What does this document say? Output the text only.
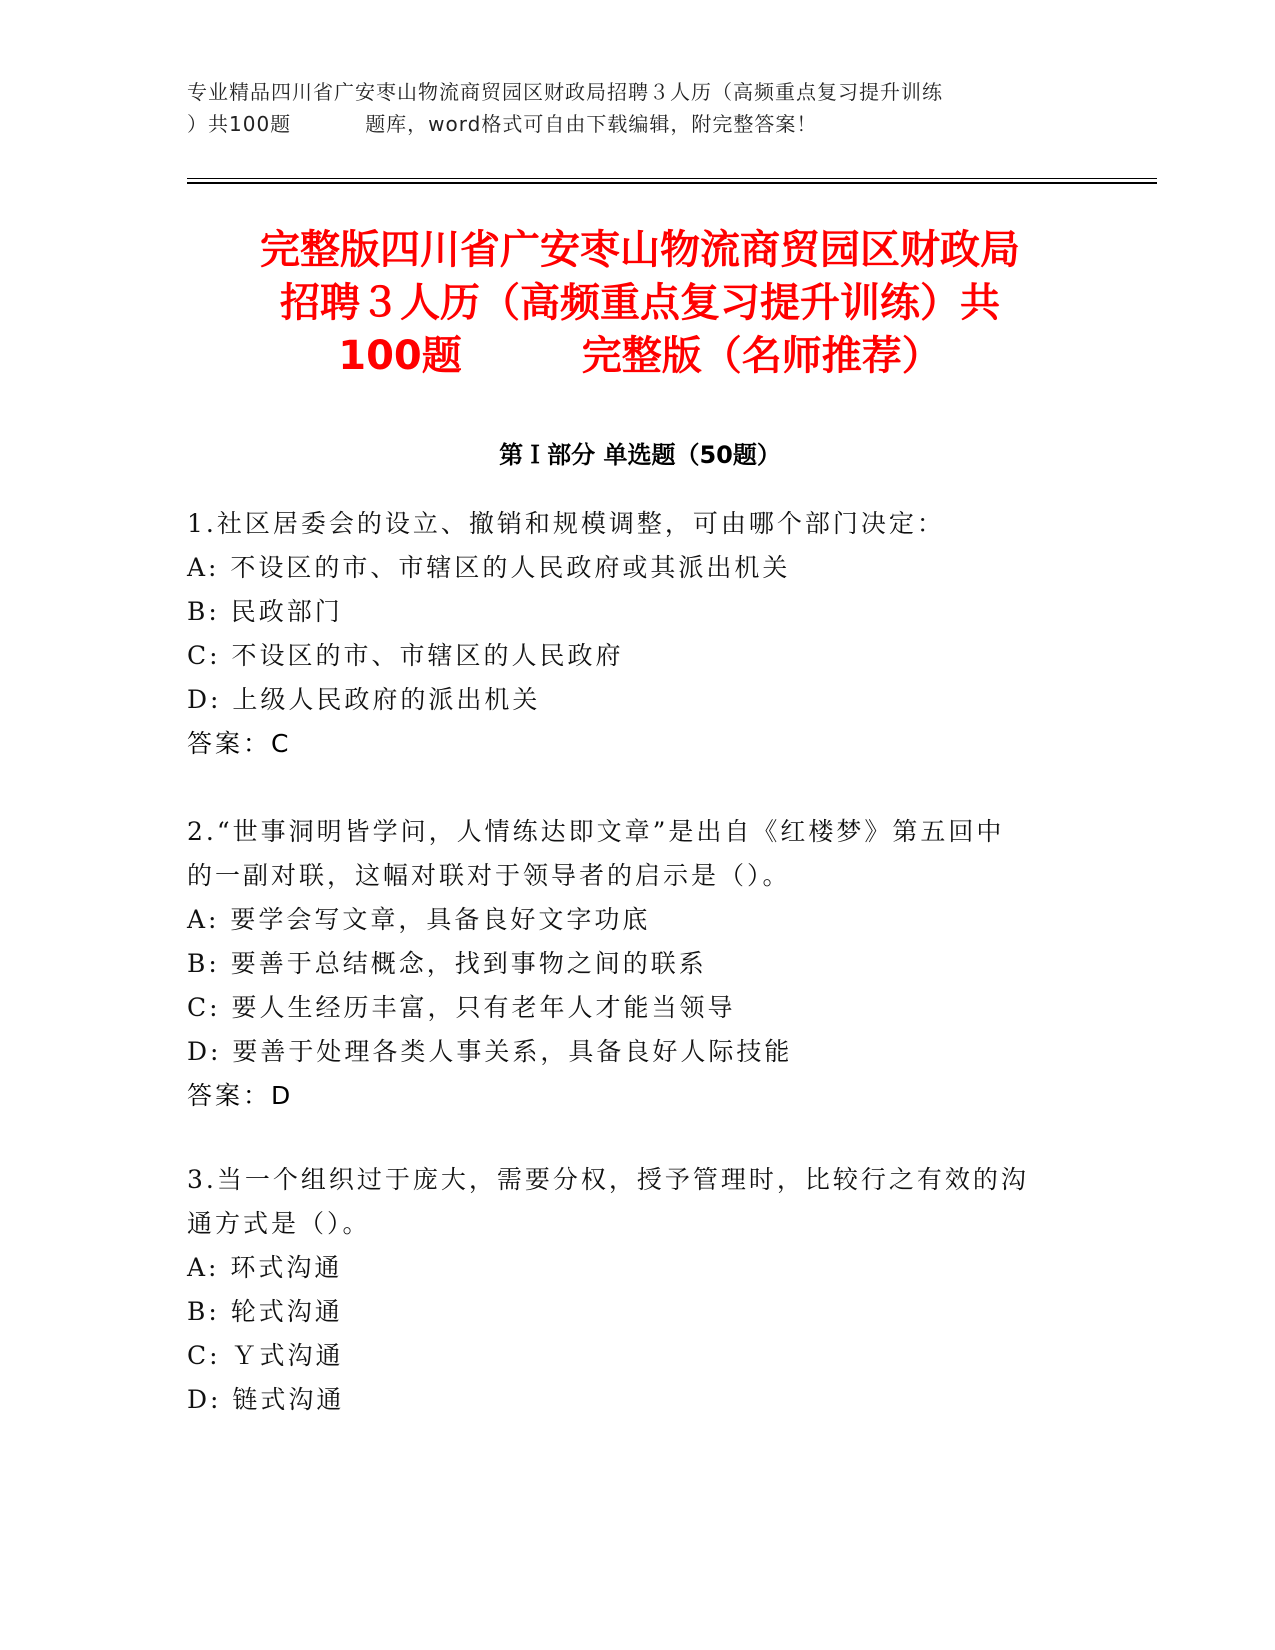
专业精品四川省广安枣山物流商贸园区财政局招聘３人历（高频重点复习提升训练
）共100题	题库，word格式可自由下载编辑，附完整答案！
完整版四川省广安枣山物流商贸园区财政局
招聘３人历（高频重点复习提升训练）共
100题	完整版（名师推荐）
第Ｉ部分 单选题（50题）
1.社区居委会的设立、撤销和规模调整，可由哪个部门决定：
A: 不设区的市、市辖区的人民政府或其派出机关
B: 民政部门
C: 不设区的市、市辖区的人民政府
D: 上级人民政府的派出机关
答案：C
2.“世事洞明皆学问，人情练达即文章”是出自《红楼梦》第五回中
的一副对联，这幅对联对于领导者的启示是（）。
A: 要学会写文章，具备良好文字功底
B: 要善于总结概念，找到事物之间的联系
C: 要人生经历丰富，只有老年人才能当领导
D: 要善于处理各类人事关系，具备良好人际技能
答案：D
3.当一个组织过于庞大，需要分权，授予管理时，比较行之有效的沟
通方式是（）。
A: 环式沟通
B: 轮式沟通
C: Ｙ式沟通
D: 链式沟通
